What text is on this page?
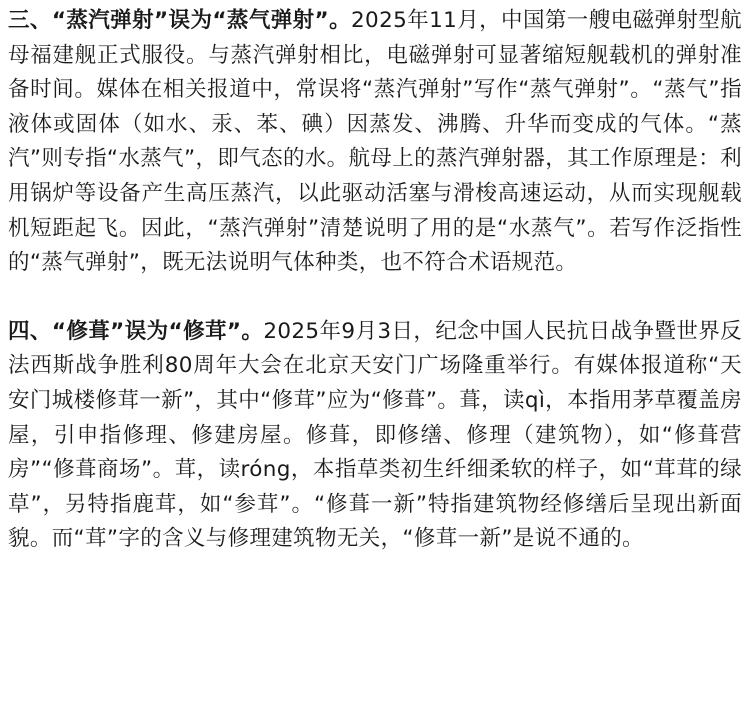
三、“蒸汽弹射”误为“蒸气弹射”。2025年11月，中国第一艘电磁弹射型航母福建舰正式服役。与蒸汽弹射相比，电磁弹射可显著缩短舰载机的弹射准备时间。媒体在相关报道中，常误将“蒸汽弹射”写作“蒸气弹射”。“蒸气”指液体或固体（如水、汞、苯、碘）因蒸发、沸腾、升华而变成的气体。“蒸汽”则专指“水蒸气”，即气态的水。航母上的蒸汽弹射器，其工作原理是：利用锅炉等设备产生高压蒸汽，以此驱动活塞与滑梭高速运动，从而实现舰载机短距起飞。因此，“蒸汽弹射”清楚说明了用的是“水蒸气”。若写作泛指性的“蒸气弹射”，既无法说明气体种类，也不符合术语规范。

四、“修葺”误为“修茸”。2025年9月3日，纪念中国人民抗日战争暨世界反法西斯战争胜利80周年大会在北京天安门广场隆重举行。有媒体报道称“天安门城楼修茸一新”，其中“修茸”应为“修葺”。葺，读qì，本指用茅草覆盖房屋，引申指修理、修建房屋。修葺，即修缮、修理（建筑物），如“修葺营房”“修葺商场”。茸，读róng，本指草类初生纤细柔软的样子，如“茸茸的绿草”，另特指鹿茸，如“参茸”。“修葺一新”特指建筑物经修缮后呈现出新面貌。而“茸”字的含义与修理建筑物无关，“修茸一新”是说不通的。
